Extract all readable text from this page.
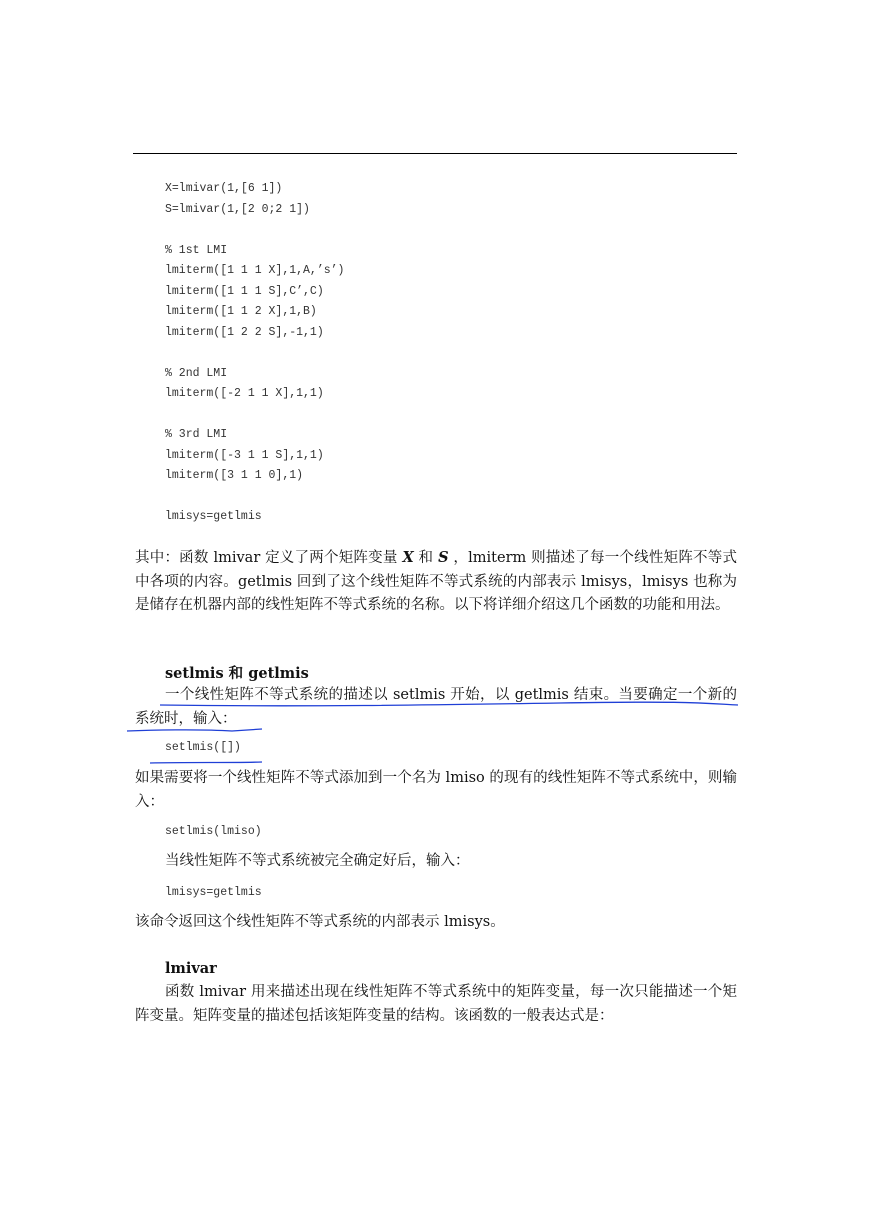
X=lmivar(1,[6 1])
S=lmivar(1,[2 0;2 1])

% 1st LMI
lmiterm([1 1 1 X],1,A,’s’)
lmiterm([1 1 1 S],C’,C)
lmiterm([1 1 2 X],1,B)
lmiterm([1 2 2 S],-1,1)

% 2nd LMI
lmiterm([-2 1 1 X],1,1)

% 3rd LMI
lmiterm([-3 1 1 S],1,1)
lmiterm([3 1 1 0],1)

lmisys=getlmis

其中：函数 lmivar 定义了两个矩阵变量 X 和 S ，lmiterm 则描述了每一个线性矩阵不等式中各项的内容。getlmis 回到了这个线性矩阵不等式系统的内部表示 lmisys，lmisys 也称为是储存在机器内部的线性矩阵不等式系统的名称。以下将详细介绍这几个函数的功能和用法。

setlmis 和 getlmis

一个线性矩阵不等式系统的描述以 setlmis 开始，以 getlmis 结束。当要确定一个新的系统时，输入：

setlmis([])

如果需要将一个线性矩阵不等式添加到一个名为 lmiso 的现有的线性矩阵不等式系统中，则输入：

setlmis(lmiso)

当线性矩阵不等式系统被完全确定好后，输入：

lmisys=getlmis

该命令返回这个线性矩阵不等式系统的内部表示 lmisys。

lmivar

函数 lmivar 用来描述出现在线性矩阵不等式系统中的矩阵变量，每一次只能描述一个矩阵变量。矩阵变量的描述包括该矩阵变量的结构。该函数的一般表达式是：
